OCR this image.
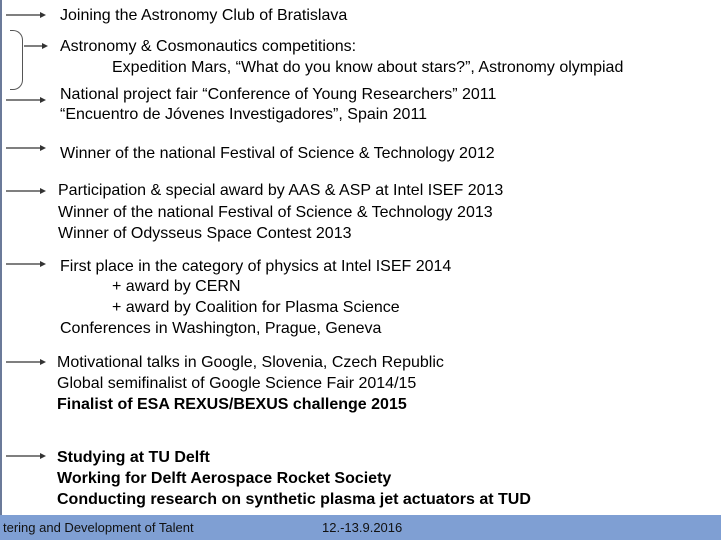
Joining the Astronomy Club of Bratislava
Astronomy & Cosmonautics competitions:
Expedition Mars, “What do you know about stars?”, Astronomy olympiad
National project fair “Conference of Young Researchers” 2011
“Encuentro de Jóvenes Investigadores”, Spain 2011
Winner of the national Festival of Science & Technology 2012
Participation & special award by AAS & ASP at Intel ISEF 2013
Winner of the national Festival of Science & Technology 2013
Winner of Odysseus Space Contest 2013
First place in the category of physics at Intel ISEF 2014
+ award by CERN
+ award by Coalition for Plasma Science
Conferences in Washington, Prague, Geneva
Motivational talks in Google, Slovenia, Czech Republic
Global semifinalist of Google Science Fair 2014/15
Finalist of ESA REXUS/BEXUS challenge 2015
Studying at TU Delft
Working for Delft Aerospace Rocket Society
Conducting research on synthetic plasma jet actuators at TUD
tering and Development of Talent	12.-13.9.2016
